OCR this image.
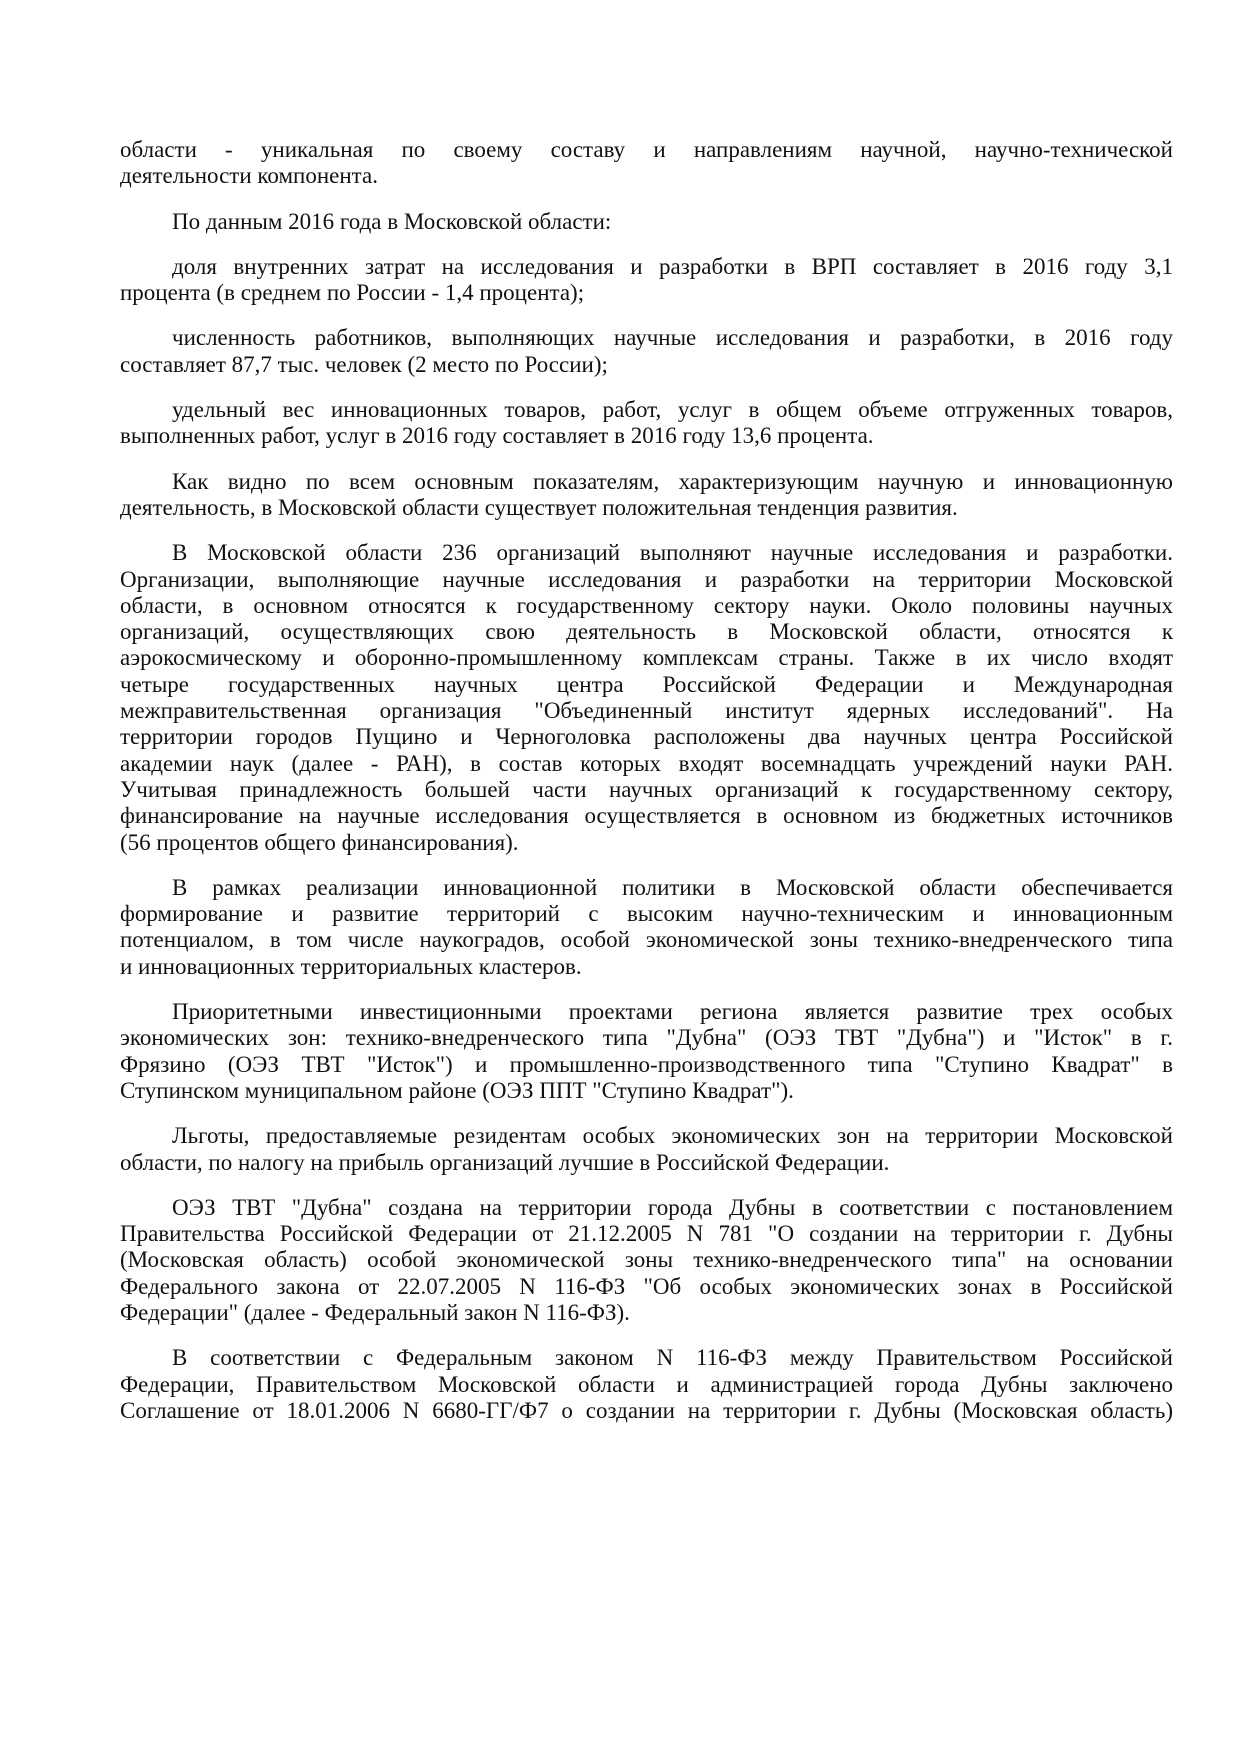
области - уникальная по своему составу и направлениям научной, научно-технической
деятельности компонента.
По данным 2016 года в Московской области:
доля внутренних затрат на исследования и разработки в ВРП составляет в 2016 году 3,1
процента (в среднем по России - 1,4 процента);
численность работников, выполняющих научные исследования и разработки, в 2016 году
составляет 87,7 тыс. человек (2 место по России);
удельный вес инновационных товаров, работ, услуг в общем объеме отгруженных товаров,
выполненных работ, услуг в 2016 году составляет в 2016 году 13,6 процента.
Как видно по всем основным показателям, характеризующим научную и инновационную
деятельность, в Московской области существует положительная тенденция развития.
В Московской области 236 организаций выполняют научные исследования и разработки.
Организации, выполняющие научные исследования и разработки на территории Московской
области, в основном относятся к государственному сектору науки. Около половины научных
организаций, осуществляющих свою деятельность в Московской области, относятся к
аэрокосмическому и оборонно-промышленному комплексам страны. Также в их число входят
четыре государственных научных центра Российской Федерации и Международная
межправительственная организация "Объединенный институт ядерных исследований". На
территории городов Пущино и Черноголовка расположены два научных центра Российской
академии наук (далее - РАН), в состав которых входят восемнадцать учреждений науки РАН.
Учитывая принадлежность большей части научных организаций к государственному сектору,
финансирование на научные исследования осуществляется в основном из бюджетных источников
(56 процентов общего финансирования).
В рамках реализации инновационной политики в Московской области обеспечивается
формирование и развитие территорий с высоким научно-техническим и инновационным
потенциалом, в том числе наукоградов, особой экономической зоны технико-внедренческого типа
и инновационных территориальных кластеров.
Приоритетными инвестиционными проектами региона является развитие трех особых
экономических зон: технико-внедренческого типа "Дубна" (ОЭЗ ТВТ "Дубна") и "Исток" в г.
Фрязино (ОЭЗ ТВТ "Исток") и промышленно-производственного типа "Ступино Квадрат" в
Ступинском муниципальном районе (ОЭЗ ППТ "Ступино Квадрат").
Льготы, предоставляемые резидентам особых экономических зон на территории Московской
области, по налогу на прибыль организаций лучшие в Российской Федерации.
ОЭЗ ТВТ "Дубна" создана на территории города Дубны в соответствии с постановлением
Правительства Российской Федерации от 21.12.2005 N 781 "О создании на территории г. Дубны
(Московская область) особой экономической зоны технико-внедренческого типа" на основании
Федерального закона от 22.07.2005 N 116-ФЗ "Об особых экономических зонах в Российской
Федерации" (далее - Федеральный закон N 116-ФЗ).
В соответствии с Федеральным законом N 116-ФЗ между Правительством Российской
Федерации, Правительством Московской области и администрацией города Дубны заключено
Соглашение от 18.01.2006 N 6680-ГГ/Ф7 о создании на территории г. Дубны (Московская область)
